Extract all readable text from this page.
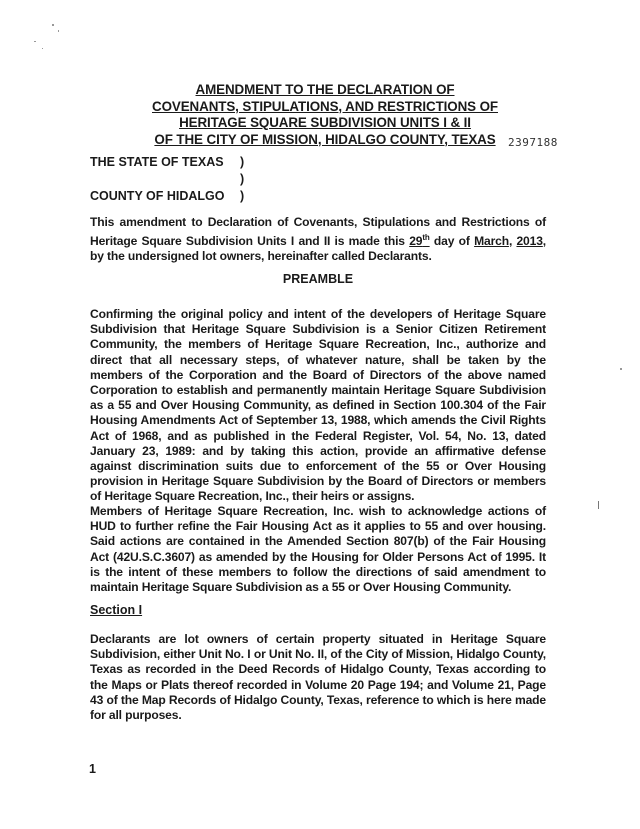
AMENDMENT TO THE DECLARATION OF
COVENANTS, STIPULATIONS, AND RESTRICTIONS OF
HERITAGE SQUARE SUBDIVISION UNITS I & II
OF THE CITY OF MISSION, HIDALGO COUNTY, TEXAS	2397188
THE STATE OF TEXAS )
)
COUNTY OF HIDALGO )
This amendment to Declaration of Covenants, Stipulations and Restrictions of Heritage Square Subdivision Units I and II is made this 29th day of March, 2013, by the undersigned lot owners, hereinafter called Declarants.
PREAMBLE
Confirming the original policy and intent of the developers of Heritage Square Subdivision that Heritage Square Subdivision is a Senior Citizen Retirement Community, the members of Heritage Square Recreation, Inc., authorize and direct that all necessary steps, of whatever nature, shall be taken by the members of the Corporation and the Board of Directors of the above named Corporation to establish and permanently maintain Heritage Square Subdivision as a 55 and Over Housing Community, as defined in Section 100.304 of the Fair Housing Amendments Act of September 13, 1988, which amends the Civil Rights Act of 1968, and as published in the Federal Register, Vol. 54, No. 13, dated January 23, 1989: and by taking this action, provide an affirmative defense against discrimination suits due to enforcement of the 55 or Over Housing provision in Heritage Square Subdivision by the Board of Directors or members of Heritage Square Recreation, Inc., their heirs or assigns.
Members of Heritage Square Recreation, Inc. wish to acknowledge actions of HUD to further refine the Fair Housing Act as it applies to 55 and over housing. Said actions are contained in the Amended Section 807(b) of the Fair Housing Act (42U.S.C.3607) as amended by the Housing for Older Persons Act of 1995. It is the intent of these members to follow the directions of said amendment to maintain Heritage Square Subdivision as a 55 or Over Housing Community.
Section I
Declarants are lot owners of certain property situated in Heritage Square Subdivision, either Unit No. I or Unit No. II, of the City of Mission, Hidalgo County, Texas as recorded in the Deed Records of Hidalgo County, Texas according to the Maps or Plats thereof recorded in Volume 20 Page 194; and Volume 21, Page 43 of the Map Records of Hidalgo County, Texas, reference to which is here made for all purposes.
1
